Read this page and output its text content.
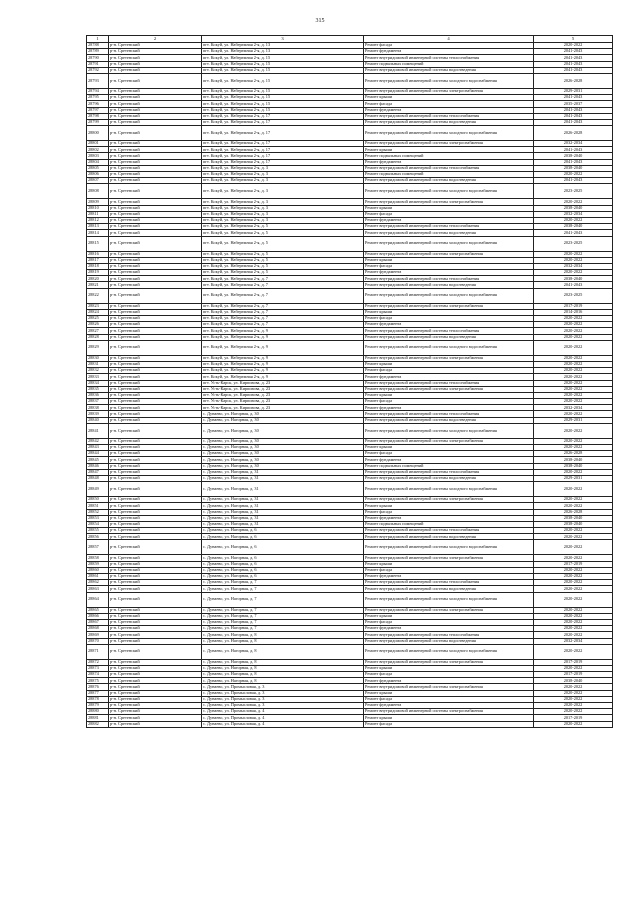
315
1	2	3	4	5
28788	р-н. Сретенский	пгт. Кокуй, ул. Набережная 2-я, д. 13	Ремонт фасада	2020-2022
28789	р-н. Сретенский	пгт. Кокуй, ул. Набережная 2-я, д. 13	Ремонт фундамента	2041-2043
28790	р-н. Сретенский	пгт. Кокуй, ул. Набережная 2-я, д. 15	Ремонт внутридомовой инженерной системы теплоснабжения	2041-2043
28791	р-н. Сретенский	пгт. Кокуй, ул. Набережная 2-я, д. 15	Ремонт подвальных помещений	2041-2043
28792	р-н. Сретенский	пгт. Кокуй, ул. Набережная 2-я, д. 15	Ремонт внутридомовой инженерной системы водоотведения	2041-2043
28793	р-н. Сретенский	пгт. Кокуй, ул. Набережная 2-я, д. 15	Ремонт внутридомовой инженерной системы холодного водоснабжения	2026-2028
28794	р-н. Сретенский	пгт. Кокуй, ул. Набережная 2-я, д. 15	Ремонт внутридомовой инженерной системы электроснабжения	2029-2031
28795	р-н. Сретенский	пгт. Кокуй, ул. Набережная 2-я, д. 15	Ремонт крыши	2041-2043
28796	р-н. Сретенский	пгт. Кокуй, ул. Набережная 2-я, д. 15	Ремонт фасада	2035-2037
28797	р-н. Сретенский	пгт. Кокуй, ул. Набережная 2-я, д. 15	Ремонт фундамента	2041-2043
28798	р-н. Сретенский	пгт. Кокуй, ул. Набережная 2-я, д. 17	Ремонт внутридомовой инженерной системы теплоснабжения	2041-2043
28799	р-н. Сретенский	пгт. Кокуй, ул. Набережная 2-я, д. 17	Ремонт внутридомовой инженерной системы водоотведения	2041-2043
28800	р-н. Сретенский	пгт. Кокуй, ул. Набережная 2-я, д. 17	Ремонт внутридомовой инженерной системы холодного водоснабжения	2026-2028
28801	р-н. Сретенский	пгт. Кокуй, ул. Набережная 2-я, д. 17	Ремонт внутридомовой инженерной системы электроснабжения	2032-2034
28802	р-н. Сретенский	пгт. Кокуй, ул. Набережная 2-я, д. 17	Ремонт крыши	2041-2043
28803	р-н. Сретенский	пгт. Кокуй, ул. Набережная 2-я, д. 17	Ремонт подвальных помещений	2038-2040
28804	р-н. Сретенский	пгт. Кокуй, ул. Набережная 2-я, д. 17	Ремонт фундамента	2041-2043
28805	р-н. Сретенский	пгт. Кокуй, ул. Набережная 2-я, д. 3	Ремонт внутридомовой инженерной системы теплоснабжения	2038-2040
28806	р-н. Сретенский	пгт. Кокуй, ул. Набережная 2-я, д. 3	Ремонт подвальных помещений	2020-2022
28807	р-н. Сретенский	пгт. Кокуй, ул. Набережная 2-я, д. 3	Ремонт внутридомовой инженерной системы водоотведения	2041-2043
28808	р-н. Сретенский	пгт. Кокуй, ул. Набережная 2-я, д. 3	Ремонт внутридомовой инженерной системы холодного водоснабжения	2023-2025
28809	р-н. Сретенский	пгт. Кокуй, ул. Набережная 2-я, д. 3	Ремонт внутридомовой инженерной системы электроснабжения	2020-2022
28810	р-н. Сретенский	пгт. Кокуй, ул. Набережная 2-я, д. 3	Ремонт крыши	2038-2040
28811	р-н. Сретенский	пгт. Кокуй, ул. Набережная 2-я, д. 3	Ремонт фасада	2032-2034
28812	р-н. Сретенский	пгт. Кокуй, ул. Набережная 2-я, д. 3	Ремонт фундамента	2020-2022
28813	р-н. Сретенский	пгт. Кокуй, ул. Набережная 2-я, д. 5	Ремонт внутридомовой инженерной системы теплоснабжения	2038-2040
28814	р-н. Сретенский	пгт. Кокуй, ул. Набережная 2-я, д. 5	Ремонт внутридомовой инженерной системы водоотведения	2041-2043
28815	р-н. Сретенский	пгт. Кокуй, ул. Набережная 2-я, д. 5	Ремонт внутридомовой инженерной системы холодного водоснабжения	2023-2025
28816	р-н. Сретенский	пгт. Кокуй, ул. Набережная 2-я, д. 5	Ремонт внутридомовой инженерной системы электроснабжения	2020-2022
28817	р-н. Сретенский	пгт. Кокуй, ул. Набережная 2-я, д. 5	Ремонт крыши	2020-2022
28818	р-н. Сретенский	пгт. Кокуй, ул. Набережная 2-я, д. 5	Ремонт фасада	2032-2034
28819	р-н. Сретенский	пгт. Кокуй, ул. Набережная 2-я, д. 5	Ремонт фундамента	2020-2022
28820	р-н. Сретенский	пгт. Кокуй, ул. Набережная 2-я, д. 7	Ремонт внутридомовой инженерной системы теплоснабжения	2038-2040
28821	р-н. Сретенский	пгт. Кокуй, ул. Набережная 2-я, д. 7	Ремонт внутридомовой инженерной системы водоотведения	2041-2043
28822	р-н. Сретенский	пгт. Кокуй, ул. Набережная 2-я, д. 7	Ремонт внутридомовой инженерной системы холодного водоснабжения	2023-2025
28823	р-н. Сретенский	пгт. Кокуй, ул. Набережная 2-я, д. 7	Ремонт внутридомовой инженерной системы электроснабжения	2017-2019
28824	р-н. Сретенский	пгт. Кокуй, ул. Набережная 2-я, д. 7	Ремонт крыши	2014-2016
28825	р-н. Сретенский	пгт. Кокуй, ул. Набережная 2-я, д. 7	Ремонт фасада	2020-2022
28826	р-н. Сретенский	пгт. Кокуй, ул. Набережная 2-я, д. 7	Ремонт фундамента	2020-2022
28827	р-н. Сретенский	пгт. Кокуй, ул. Набережная 2-я, д. 9	Ремонт внутридомовой инженерной системы теплоснабжения	2020-2022
28828	р-н. Сретенский	пгт. Кокуй, ул. Набережная 2-я, д. 9	Ремонт внутридомовой инженерной системы водоотведения	2020-2022
28829	р-н. Сретенский	пгт. Кокуй, ул. Набережная 2-я, д. 9	Ремонт внутридомовой инженерной системы холодного водоснабжения	2020-2022
28830	р-н. Сретенский	пгт. Кокуй, ул. Набережная 2-я, д. 9	Ремонт внутридомовой инженерной системы электроснабжения	2020-2022
28831	р-н. Сретенский	пгт. Кокуй, ул. Набережная 2-я, д. 9	Ремонт крыши	2020-2022
28832	р-н. Сретенский	пгт. Кокуй, ул. Набережная 2-я, д. 9	Ремонт фасада	2020-2022
28833	р-н. Сретенский	пгт. Кокуй, ул. Набережная 2-я, д. 9	Ремонт фундамента	2020-2022
28834	р-н. Сретенский	пгт. Усть-Карск, ул. Кирпизова, д. 23	Ремонт внутридомовой инженерной системы теплоснабжения	2020-2022
28835	р-н. Сретенский	пгт. Усть-Карск, ул. Кирпизова, д. 23	Ремонт внутридомовой инженерной системы электроснабжения	2020-2022
28836	р-н. Сретенский	пгт. Усть-Карск, ул. Кирпизова, д. 23	Ремонт крыши	2020-2022
28837	р-н. Сретенский	пгт. Усть-Карск, ул. Кирпизова, д. 23	Ремонт фасада	2020-2022
28838	р-н. Сретенский	пгт. Усть-Карск, ул. Кирпизова, д. 23	Ремонт фундамента	2032-2034
28839	р-н. Сретенский	с. Дунаево, ул. Нагорная, д. 30	Ремонт внутридомовой инженерной системы теплоснабжения	2020-2022
28840	р-н. Сретенский	с. Дунаево, ул. Нагорная, д. 30	Ремонт внутридомовой инженерной системы водоотведения	2029-2031
28841	р-н. Сретенский	с. Дунаево, ул. Нагорная, д. 30	Ремонт внутридомовой инженерной системы холодного водоснабжения	2020-2022
28842	р-н. Сретенский	с. Дунаево, ул. Нагорная, д. 30	Ремонт внутридомовой инженерной системы электроснабжения	2020-2022
28843	р-н. Сретенский	с. Дунаево, ул. Нагорная, д. 30	Ремонт крыши	2020-2022
28844	р-н. Сретенский	с. Дунаево, ул. Нагорная, д. 30	Ремонт фасада	2026-2028
28845	р-н. Сретенский	с. Дунаево, ул. Нагорная, д. 30	Ремонт фундамента	2038-2040
28846	р-н. Сретенский	с. Дунаево, ул. Нагорная, д. 30	Ремонт подвальных помещений	2038-2040
28847	р-н. Сретенский	с. Дунаево, ул. Нагорная, д. 31	Ремонт внутридомовой инженерной системы теплоснабжения	2020-2022
28848	р-н. Сретенский	с. Дунаево, ул. Нагорная, д. 31	Ремонт внутридомовой инженерной системы водоотведения	2029-2031
28849	р-н. Сретенский	с. Дунаево, ул. Нагорная, д. 31	Ремонт внутридомовой инженерной системы холодного водоснабжения	2020-2022
28850	р-н. Сретенский	с. Дунаево, ул. Нагорная, д. 31	Ремонт внутридомовой инженерной системы электроснабжения	2020-2022
28851	р-н. Сретенский	с. Дунаево, ул. Нагорная, д. 31	Ремонт крыши	2020-2022
28852	р-н. Сретенский	с. Дунаево, ул. Нагорная, д. 31	Ремонт фасада	2026-2028
28853	р-н. Сретенский	с. Дунаево, ул. Нагорная, д. 31	Ремонт фундамента	2038-2040
28854	р-н. Сретенский	с. Дунаево, ул. Нагорная, д. 31	Ремонт подвальных помещений	2038-2040
28855	р-н. Сретенский	с. Дунаево, ул. Нагорная, д. 6	Ремонт внутридомовой инженерной системы теплоснабжения	2020-2022
28856	р-н. Сретенский	с. Дунаево, ул. Нагорная, д. 6	Ремонт внутридомовой инженерной системы водоотведения	2020-2022
28857	р-н. Сретенский	с. Дунаево, ул. Нагорная, д. 6	Ремонт внутридомовой инженерной системы холодного водоснабжения	2020-2022
28858	р-н. Сретенский	с. Дунаево, ул. Нагорная, д. 6	Ремонт внутридомовой инженерной системы электроснабжения	2020-2022
28859	р-н. Сретенский	с. Дунаево, ул. Нагорная, д. 6	Ремонт крыши	2017-2019
28860	р-н. Сретенский	с. Дунаево, ул. Нагорная, д. 6	Ремонт фасада	2020-2022
28861	р-н. Сретенский	с. Дунаево, ул. Нагорная, д. 6	Ремонт фундамента	2020-2022
28862	р-н. Сретенский	с. Дунаево, ул. Нагорная, д. 7	Ремонт внутридомовой инженерной системы теплоснабжения	2020-2022
28863	р-н. Сретенский	с. Дунаево, ул. Нагорная, д. 7	Ремонт внутридомовой инженерной системы водоотведения	2020-2022
28864	р-н. Сретенский	с. Дунаево, ул. Нагорная, д. 7	Ремонт внутридомовой инженерной системы холодного водоснабжения	2020-2022
28865	р-н. Сретенский	с. Дунаево, ул. Нагорная, д. 7	Ремонт внутридомовой инженерной системы электроснабжения	2020-2022
28866	р-н. Сретенский	с. Дунаево, ул. Нагорная, д. 7	Ремонт крыши	2020-2022
28867	р-н. Сретенский	с. Дунаево, ул. Нагорная, д. 7	Ремонт фасада	2020-2022
28868	р-н. Сретенский	с. Дунаево, ул. Нагорная, д. 7	Ремонт фундамента	2020-2022
28869	р-н. Сретенский	с. Дунаево, ул. Нагорная, д. 8	Ремонт внутридомовой инженерной системы теплоснабжения	2020-2022
28870	р-н. Сретенский	с. Дунаево, ул. Нагорная, д. 8	Ремонт внутридомовой инженерной системы водоотведения	2032-2034
28871	р-н. Сретенский	с. Дунаево, ул. Нагорная, д. 8	Ремонт внутридомовой инженерной системы холодного водоснабжения	2020-2022
28872	р-н. Сретенский	с. Дунаево, ул. Нагорная, д. 8	Ремонт внутридомовой инженерной системы электроснабжения	2017-2019
28873	р-н. Сретенский	с. Дунаево, ул. Нагорная, д. 8	Ремонт крыши	2020-2022
28874	р-н. Сретенский	с. Дунаево, ул. Нагорная, д. 8	Ремонт фасада	2017-2019
28875	р-н. Сретенский	с. Дунаево, ул. Нагорная, д. 8	Ремонт фундамента	2038-2040
28876	р-н. Сретенский	с. Дунаево, ул. Промысловая, д. 3	Ремонт внутридомовой инженерной системы электроснабжения	2020-2022
28877	р-н. Сретенский	с. Дунаево, ул. Промысловая, д. 3	Ремонт крыши	2020-2022
28878	р-н. Сретенский	с. Дунаево, ул. Промысловая, д. 3	Ремонт фасада	2020-2022
28879	р-н. Сретенский	с. Дунаево, ул. Промысловая, д. 3	Ремонт фундамента	2020-2022
28880	р-н. Сретенский	с. Дунаево, ул. Промысловая, д. 4	Ремонт внутридомовой инженерной системы электроснабжения	2020-2022
28881	р-н. Сретенский	с. Дунаево, ул. Промысловая, д. 4	Ремонт крыши	2017-2019
28882	р-н. Сретенский	с. Дунаево, ул. Промысловая, д. 4	Ремонт фасада	2020-2022
